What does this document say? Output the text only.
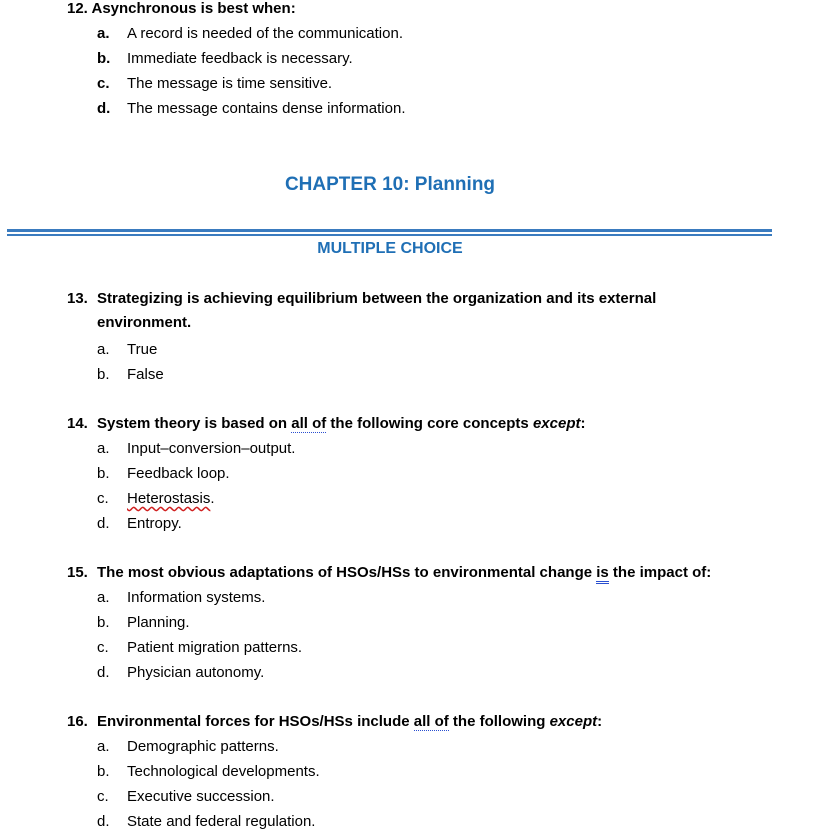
12. Asynchronous is best when:
a.	A record is needed of the communication.
b.	Immediate feedback is necessary.
c.	The message is time sensitive.
d.	The message contains dense information.
CHAPTER 10: Planning
MULTIPLE CHOICE
13. Strategizing is achieving equilibrium between the organization and its external
environment.
a.	True
b.	False
14. System theory is based on all of the following core concepts except:
a.	Input–conversion–output.
b.	Feedback loop.
c.	Heterostasis.
d.	Entropy.
15. The most obvious adaptations of HSOs/HSs to environmental change is the impact of:
a.	Information systems.
b.	Planning.
c.	Patient migration patterns.
d.	Physician autonomy.
16. Environmental forces for HSOs/HSs include all of the following except:
a.	Demographic patterns.
b.	Technological developments.
c.	Executive succession.
d.	State and federal regulation.
